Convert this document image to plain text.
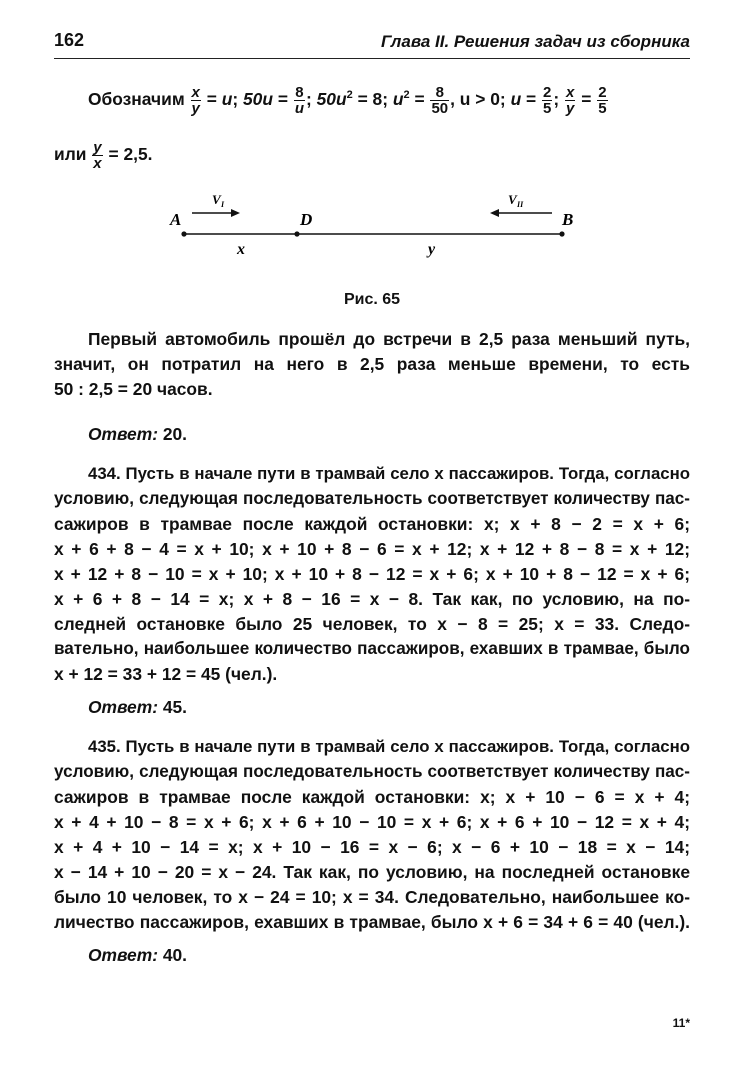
162	Глава II. Решения задач из сборника
Обозначим $\frac{x}{y} = u$; $50u = \frac{8}{u}$ ; $50u^2 = 8$; $u^2 = \frac{8}{50}$ , u > 0; $u = \frac{2}{5}$ ; $\frac{x}{y} = \frac{2}{5}$
или $\frac{y}{x} = 2,5$.
A	D	B
V I	V II
x	y
Рис. 65
Первый автомобиль прошёл до встречи в 2,5 раза меньший путь,
значит, он потратил на него в 2,5 раза меньше времени, то есть
50 : 2,5 = 20 часов.
Ответ: 20.
434. Пусть в начале пути в трамвай село x пассажиров. Тогда, согласно
условию, следующая последовательность соответствует количеству пас-
сажиров в трамвае после каждой остановки: x; x + 8 − 2 = x + 6;
x + 6 + 8 − 4 = x + 10; x + 10 + 8 − 6 = x + 12; x + 12 + 8 − 8 = x + 12;
x + 12 + 8 − 10 = x + 10; x + 10 + 8 − 12 = x + 6; x + 10 + 8 − 12 = x + 6;
x + 6 + 8 − 14 = x; x + 8 − 16 = x − 8. Так как, по условию, на по-
следней остановке было 25 человек, то x − 8 = 25; x = 33. Следо-
вательно, наибольшее количество пассажиров, ехавших в трамвае, было
x + 12 = 33 + 12 = 45 (чел.).
Ответ: 45.
435. Пусть в начале пути в трамвай село x пассажиров. Тогда, согласно
условию, следующая последовательность соответствует количеству пас-
сажиров в трамвае после каждой остановки: x; x + 10 − 6 = x + 4;
x + 4 + 10 − 8 = x + 6; x + 6 + 10 − 10 = x + 6; x + 6 + 10 − 12 = x + 4;
x + 4 + 10 − 14 = x; x + 10 − 16 = x − 6; x − 6 + 10 − 18 = x − 14;
x − 14 + 10 − 20 = x − 24. Так как, по условию, на последней остановке
было 10 человек, то x − 24 = 10; x = 34. Следовательно, наибольшее ко-
личество пассажиров, ехавших в трамвае, было x + 6 = 34 + 6 = 40 (чел.).
Ответ: 40.
11*
